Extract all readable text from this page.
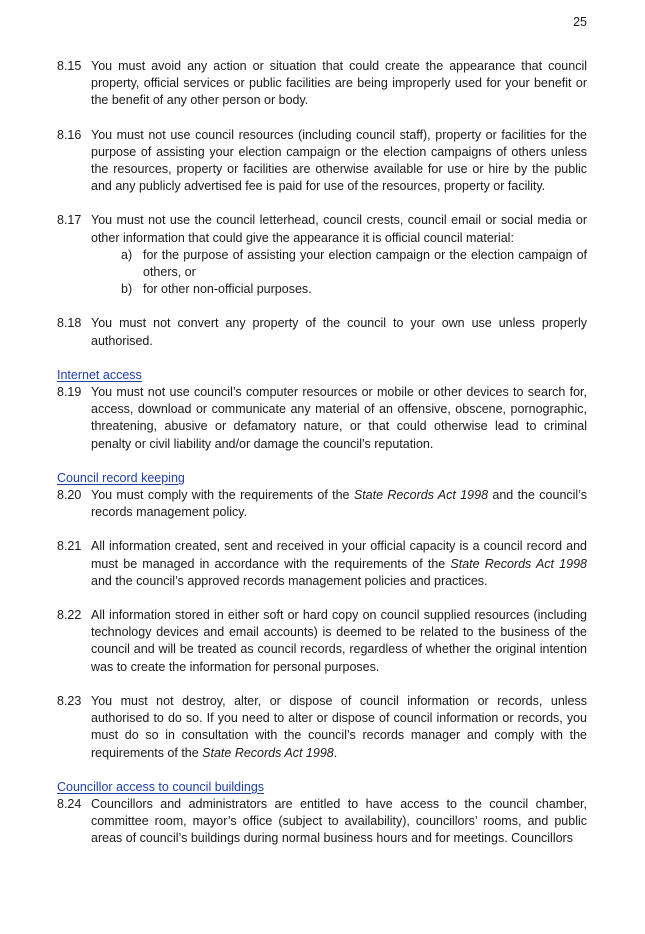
25
8.15 You must avoid any action or situation that could create the appearance that council property, official services or public facilities are being improperly used for your benefit or the benefit of any other person or body.
8.16 You must not use council resources (including council staff), property or facilities for the purpose of assisting your election campaign or the election campaigns of others unless the resources, property or facilities are otherwise available for use or hire by the public and any publicly advertised fee is paid for use of the resources, property or facility.
8.17 You must not use the council letterhead, council crests, council email or social media or other information that could give the appearance it is official council material:
a) for the purpose of assisting your election campaign or the election campaign of others, or
b) for other non-official purposes.
8.18 You must not convert any property of the council to your own use unless properly authorised.
Internet access
8.19 You must not use council’s computer resources or mobile or other devices to search for, access, download or communicate any material of an offensive, obscene, pornographic, threatening, abusive or defamatory nature, or that could otherwise lead to criminal penalty or civil liability and/or damage the council’s reputation.
Council record keeping
8.20 You must comply with the requirements of the State Records Act 1998 and the council’s records management policy.
8.21 All information created, sent and received in your official capacity is a council record and must be managed in accordance with the requirements of the State Records Act 1998 and the council’s approved records management policies and practices.
8.22 All information stored in either soft or hard copy on council supplied resources (including technology devices and email accounts) is deemed to be related to the business of the council and will be treated as council records, regardless of whether the original intention was to create the information for personal purposes.
8.23 You must not destroy, alter, or dispose of council information or records, unless authorised to do so. If you need to alter or dispose of council information or records, you must do so in consultation with the council’s records manager and comply with the requirements of the State Records Act 1998.
Councillor access to council buildings
8.24 Councillors and administrators are entitled to have access to the council chamber, committee room, mayor’s office (subject to availability), councillors’ rooms, and public areas of council’s buildings during normal business hours and for meetings. Councillors
